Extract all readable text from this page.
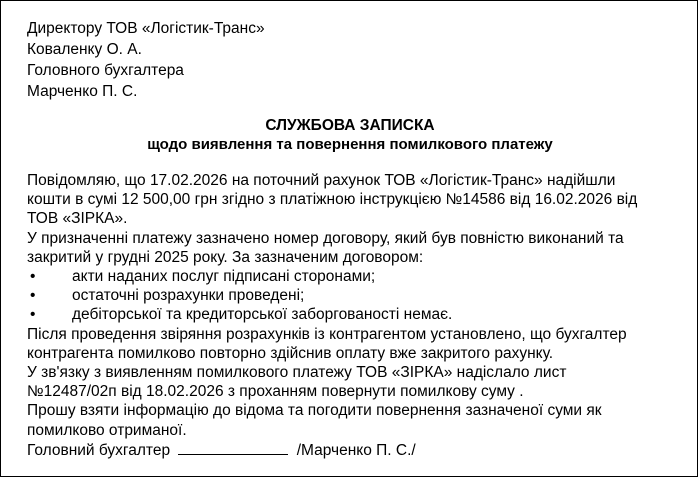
Директору ТОВ «Логістик-Транс»
Коваленку О. А.
Головного бухгалтера
Марченко П. С.
СЛУЖБОВА ЗАПИСКА
щодо виявлення та повернення помилкового платежу
Повідомляю, що 17.02.2026 на поточний рахунок ТОВ «Логістик-Транс» надійшли
кошти в сумі 12 500,00 грн згідно з платіжною інструкцією №14586 від 16.02.2026 від
ТОВ «ЗІРКА».
У призначенні платежу зазначено номер договору, який був повністю виконаний та
закритий у грудні 2025 року. За зазначеним договором:
• акти наданих послуг підписані сторонами;
• остаточні розрахунки проведені;
• дебіторської та кредиторської заборгованості немає.
Після проведення звіряння розрахунків із контрагентом установлено, що бухгалтер
контрагента помилково повторно здійснив оплату вже закритого рахунку.
У зв'язку з виявленням помилкового платежу ТОВ «ЗІРКА» надіслало лист
№12487/02п від 18.02.2026 з проханням повернути помилкову суму .
Прошу взяти інформацію до відома та погодити повернення зазначеної суми як
помилково отриманої.
Головний бухгалтер	/Марченко П. С./
